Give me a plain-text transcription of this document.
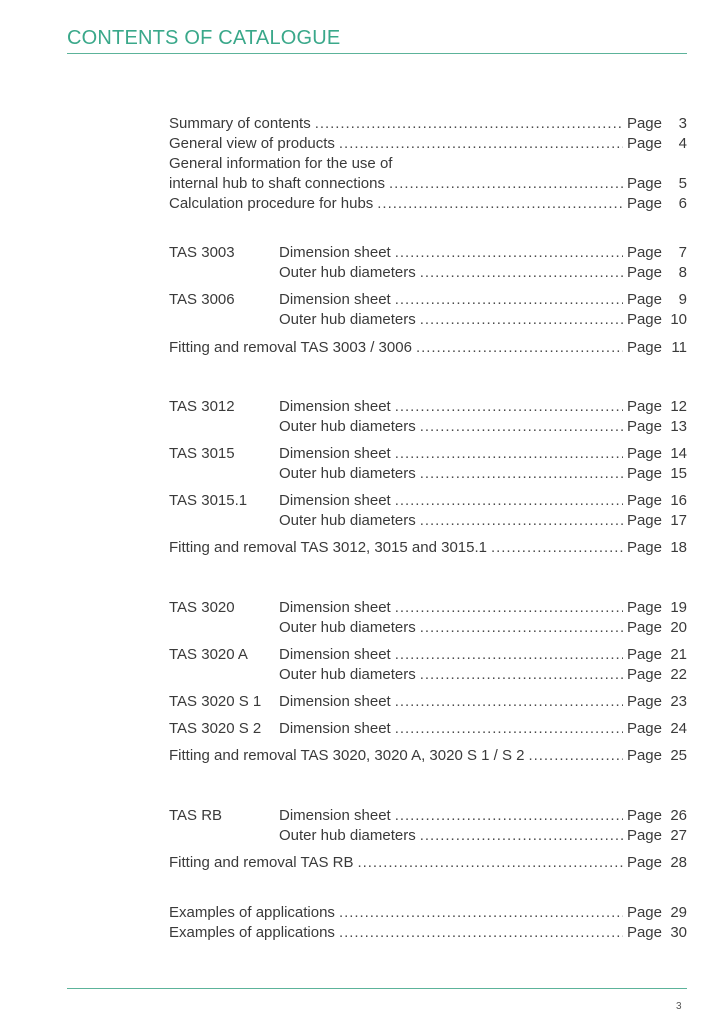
CONTENTS OF CATALOGUE
Summary of contents . . .	Page	3
General view of products . . .	Page	4
General information for the use of
internal hub to shaft connections . . .	Page	5
Calculation procedure for hubs . . .	Page	6
TAS 3003	Dimension sheet . . .	Page	7
Outer hub diameters . . .	Page	8
TAS 3006	Dimension sheet . . .	Page	9
Outer hub diameters . . .	Page 10
Fitting and removal TAS 3003 / 3006 . . .	Page 11
TAS 3012	Dimension sheet . . .	Page 12
Outer hub diameters . . .	Page 13
TAS 3015	Dimension sheet . . .	Page 14
Outer hub diameters . . .	Page 15
TAS 3015.1	Dimension sheet . . .	Page 16
Outer hub diameters . . .	Page 17
Fitting and removal TAS 3012, 3015 and 3015.1 . . .	Page 18
TAS 3020	Dimension sheet . . .	Page 19
Outer hub diameters . . .	Page 20
TAS 3020 A	Dimension sheet . . .	Page 21
Outer hub diameters . . .	Page 22
TAS 3020 S 1	Dimension sheet . . .	Page 23
TAS 3020 S 2	Dimension sheet . . .	Page 24
Fitting and removal TAS 3020, 3020 A, 3020 S 1 / S 2 . . .	Page 25
TAS RB	Dimension sheet . . .	Page 26
Outer hub diameters . . .	Page 27
Fitting and removal TAS RB . . .	Page 28
Examples of applications . . .	Page 29
Examples of applications . . .	Page 30
3
